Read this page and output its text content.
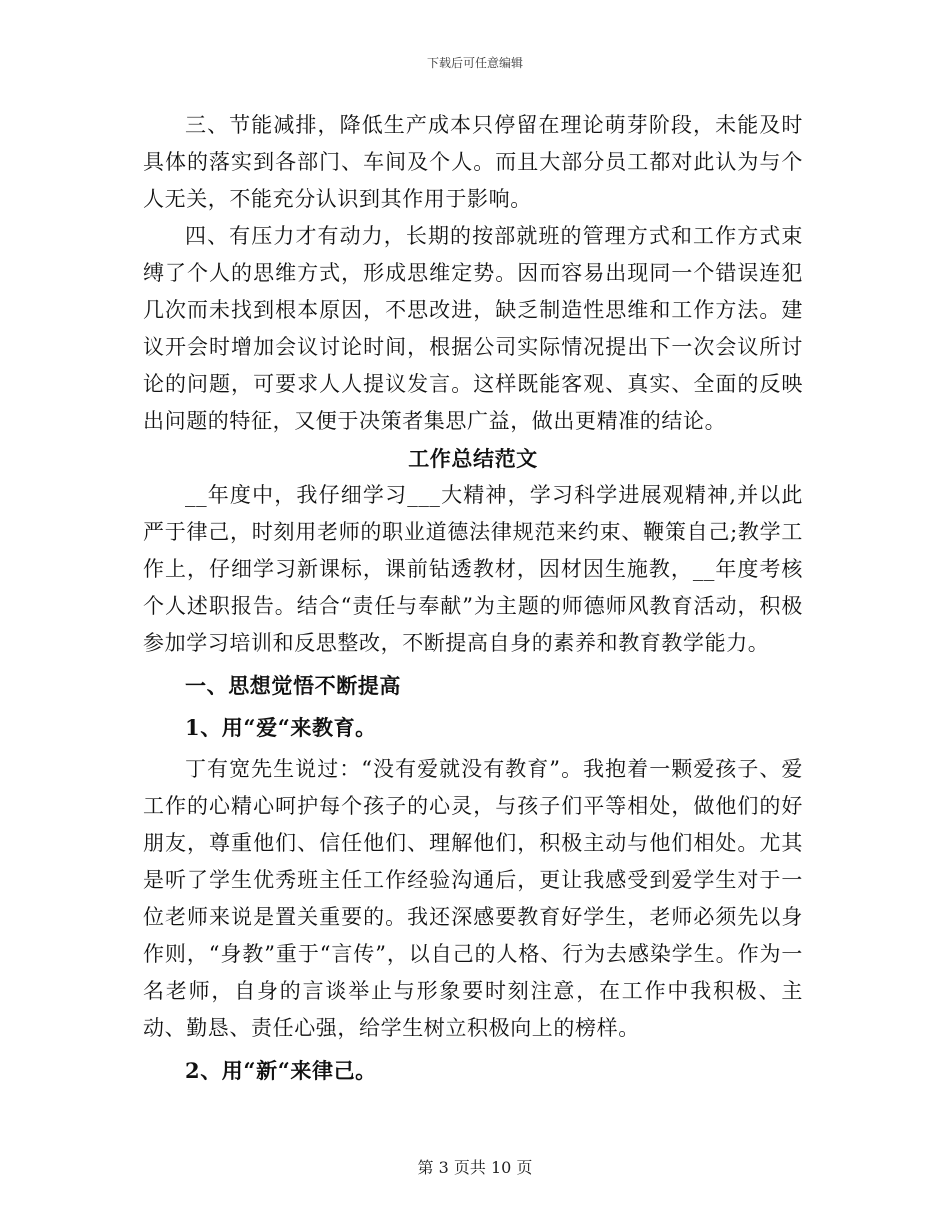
下载后可任意编辑

三、节能减排，降低生产成本只停留在理论萌芽阶段，未能及时具体的落实到各部门、车间及个人。而且大部分员工都对此认为与个人无关，不能充分认识到其作用于影响。

四、有压力才有动力，长期的按部就班的管理方式和工作方式束缚了个人的思维方式，形成思维定势。因而容易出现同一个错误连犯几次而未找到根本原因，不思改进，缺乏制造性思维和工作方法。建议开会时增加会议讨论时间，根据公司实际情况提出下一次会议所讨论的问题，可要求人人提议发言。这样既能客观、真实、全面的反映出问题的特征，又便于决策者集思广益，做出更精准的结论。

工作总结范文

__年度中，我仔细学习___大精神，学习科学进展观精神,并以此严于律己，时刻用老师的职业道德法律规范来约束、鞭策自己;教学工作上，仔细学习新课标，课前钻透教材，因材因生施教，__年度考核个人述职报告。结合“责任与奉献”为主题的师德师风教育活动，积极参加学习培训和反思整改，不断提高自身的素养和教育教学能力。

一、思想觉悟不断提高

1、用“爱“来教育。

丁有宽先生说过：“没有爱就没有教育”。我抱着一颗爱孩子、爱工作的心精心呵护每个孩子的心灵，与孩子们平等相处，做他们的好朋友，尊重他们、信任他们、理解他们，积极主动与他们相处。尤其是听了学生优秀班主任工作经验沟通后，更让我感受到爱学生对于一位老师来说是置关重要的。我还深感要教育好学生，老师必须先以身作则，“身教”重于“言传”，以自己的人格、行为去感染学生。作为一名老师，自身的言谈举止与形象要时刻注意，在工作中我积极、主动、勤恳、责任心强，给学生树立积极向上的榜样。

2、用“新“来律己。

第 3 页共 10 页
